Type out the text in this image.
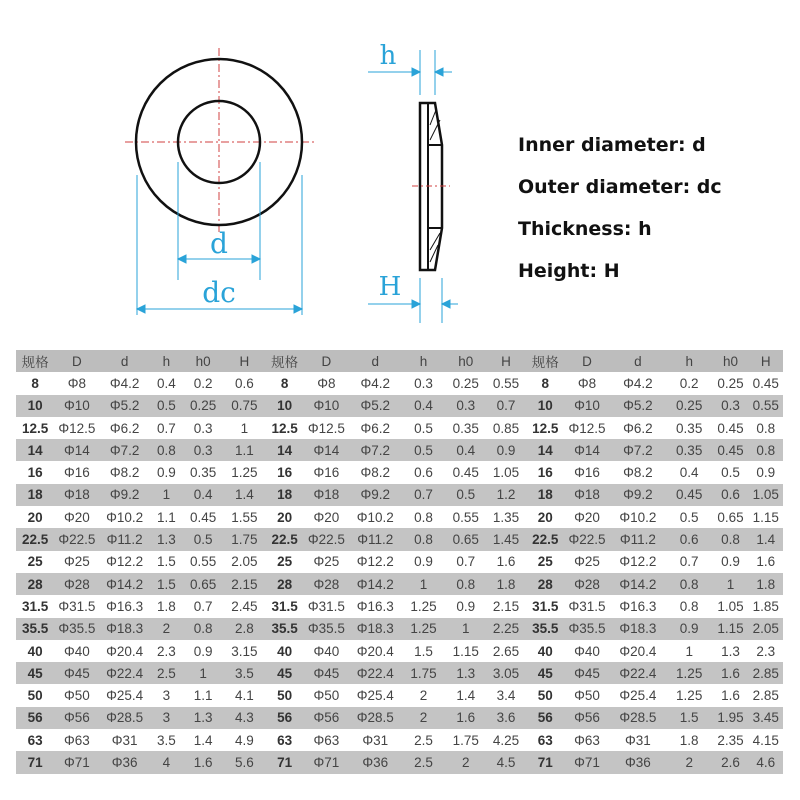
d
dc
h
H
Inner diameter: d
Outer diameter: dc
Thickness: h
Height: H
规格	D	d	h	h0	H	规格	D	d	h	h0	H	规格	D	d	h	h0	H
8	Φ8	Φ4.2	0.4	0.2	0.6	8	Φ8	Φ4.2	0.3	0.25	0.55	8	Φ8	Φ4.2	0.2	0.25	0.45
10	Φ10	Φ5.2	0.5	0.25	0.75	10	Φ10	Φ5.2	0.4	0.3	0.7	10	Φ10	Φ5.2	0.25	0.3	0.55
12.5	Φ12.5	Φ6.2	0.7	0.3	1	12.5	Φ12.5	Φ6.2	0.5	0.35	0.85	12.5	Φ12.5	Φ6.2	0.35	0.45	0.8
14	Φ14	Φ7.2	0.8	0.3	1.1	14	Φ14	Φ7.2	0.5	0.4	0.9	14	Φ14	Φ7.2	0.35	0.45	0.8
16	Φ16	Φ8.2	0.9	0.35	1.25	16	Φ16	Φ8.2	0.6	0.45	1.05	16	Φ16	Φ8.2	0.4	0.5	0.9
18	Φ18	Φ9.2	1	0.4	1.4	18	Φ18	Φ9.2	0.7	0.5	1.2	18	Φ18	Φ9.2	0.45	0.6	1.05
20	Φ20	Φ10.2	1.1	0.45	1.55	20	Φ20	Φ10.2	0.8	0.55	1.35	20	Φ20	Φ10.2	0.5	0.65	1.15
22.5	Φ22.5	Φ11.2	1.3	0.5	1.75	22.5	Φ22.5	Φ11.2	0.8	0.65	1.45	22.5	Φ22.5	Φ11.2	0.6	0.8	1.4
25	Φ25	Φ12.2	1.5	0.55	2.05	25	Φ25	Φ12.2	0.9	0.7	1.6	25	Φ25	Φ12.2	0.7	0.9	1.6
28	Φ28	Φ14.2	1.5	0.65	2.15	28	Φ28	Φ14.2	1	0.8	1.8	28	Φ28	Φ14.2	0.8	1	1.8
31.5	Φ31.5	Φ16.3	1.8	0.7	2.45	31.5	Φ31.5	Φ16.3	1.25	0.9	2.15	31.5	Φ31.5	Φ16.3	0.8	1.05	1.85
35.5	Φ35.5	Φ18.3	2	0.8	2.8	35.5	Φ35.5	Φ18.3	1.25	1	2.25	35.5	Φ35.5	Φ18.3	0.9	1.15	2.05
40	Φ40	Φ20.4	2.3	0.9	3.15	40	Φ40	Φ20.4	1.5	1.15	2.65	40	Φ40	Φ20.4	1	1.3	2.3
45	Φ45	Φ22.4	2.5	1	3.5	45	Φ45	Φ22.4	1.75	1.3	3.05	45	Φ45	Φ22.4	1.25	1.6	2.85
50	Φ50	Φ25.4	3	1.1	4.1	50	Φ50	Φ25.4	2	1.4	3.4	50	Φ50	Φ25.4	1.25	1.6	2.85
56	Φ56	Φ28.5	3	1.3	4.3	56	Φ56	Φ28.5	2	1.6	3.6	56	Φ56	Φ28.5	1.5	1.95	3.45
63	Φ63	Φ31	3.5	1.4	4.9	63	Φ63	Φ31	2.5	1.75	4.25	63	Φ63	Φ31	1.8	2.35	4.15
71	Φ71	Φ36	4	1.6	5.6	71	Φ71	Φ36	2.5	2	4.5	71	Φ71	Φ36	2	2.6	4.6
